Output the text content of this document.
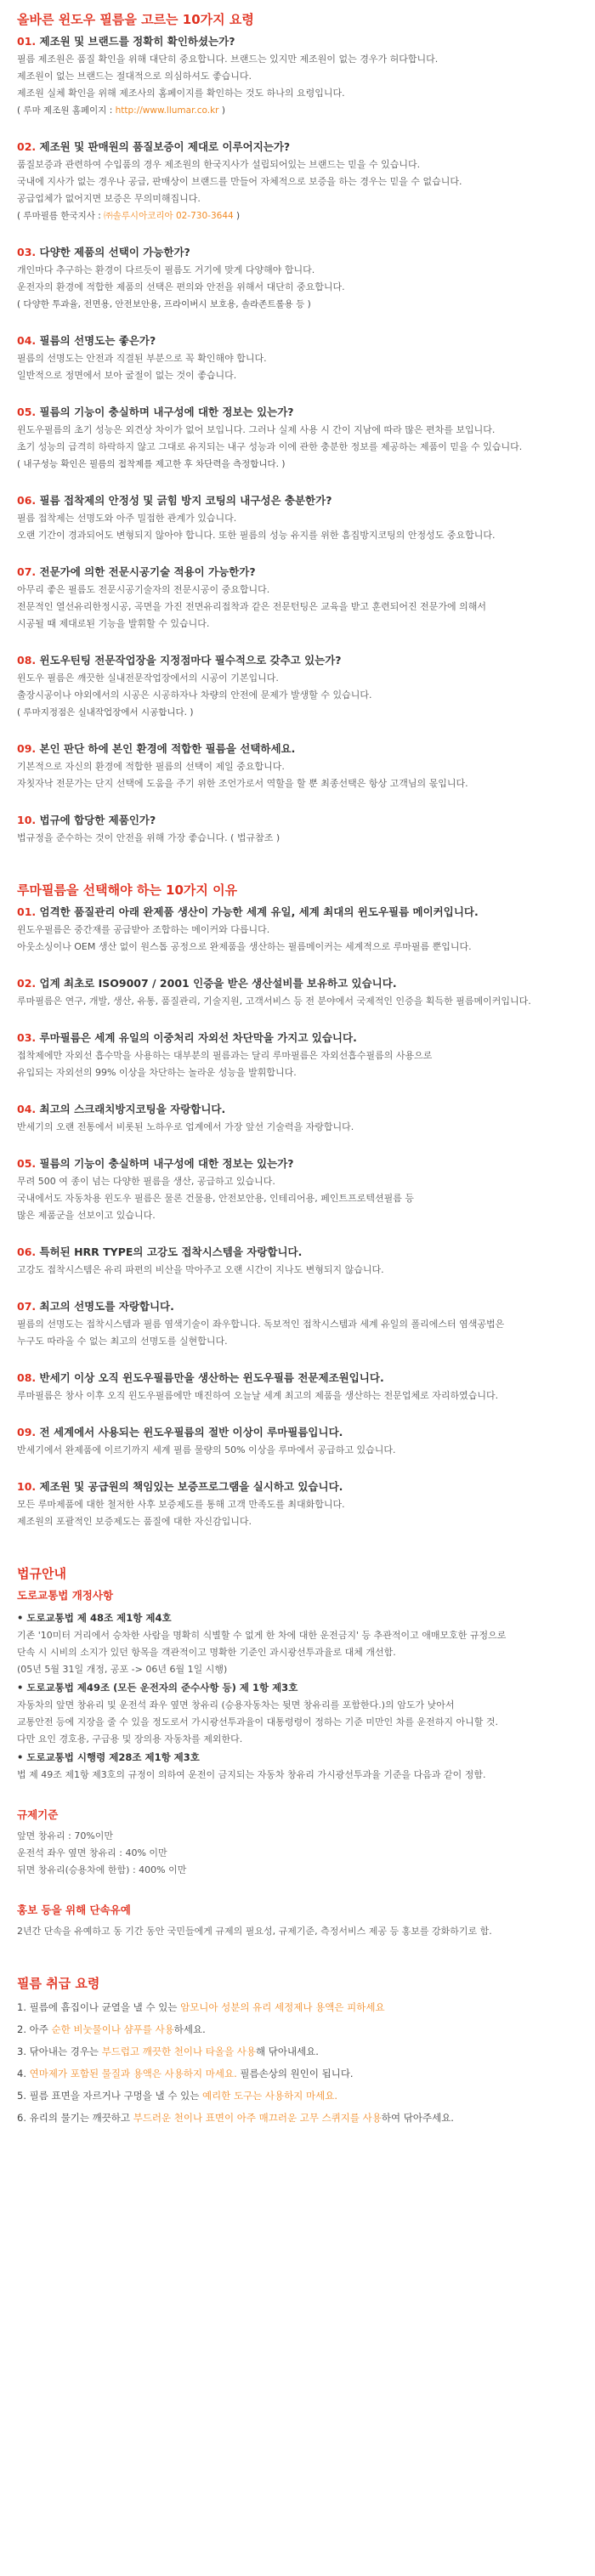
올바른 윈도우 필름을 고르는 10가지 요령
01. 제조원 및 브랜드를 정확히 확인하셨는가?
필름 제조원은 품질 확인을 위해 대단히 중요합니다. 브랜드는 있지만 제조원이 없는 경우가 허다합니다.
제조원이 없는 브랜드는 절대적으로 의심하셔도 좋습니다.
제조원 실체 확인을 위해 제조사의 홈페이지를 확인하는 것도 하나의 요령입니다.
( 루마 제조원 홈페이지 : http://www.llumar.co.kr )
02. 제조원 및 판매원의 품질보증이 제대로 이루어지는가?
품질보증과 관련하여 수입품의 경우 제조원의 한국지사가 설립되어있는 브랜드는 믿을 수 있습니다.
국내에 지사가 없는 경우나 공급, 판매상이 브랜드를 만들어 자체적으로 보증을 하는 경우는 믿을 수 없습니다.
공급업체가 없어지면 보증은 무의미해집니다.
( 루마필름 한국지사 : ㈜솔루시아코리아 02-730-3644 )
03. 다양한 제품의 선택이 가능한가?
개인마다 추구하는 환경이 다르듯이 필름도 거기에 맞게 다양해야 합니다.
운전자의 환경에 적합한 제품의 선택은 편의와 안전을 위해서 대단히 중요합니다.
( 다양한 투과율, 전면용, 안전보안용, 프라이버시 보호용, 솔라존트롤용 등 )
04. 필름의 선명도는 좋은가?
필름의 선명도는 안전과 직결된 부분으로 꼭 확인해야 합니다.
일반적으로 정면에서 보아 굴절이 없는 것이 좋습니다.
05. 필름의 기능이 충실하며 내구성에 대한 정보는 있는가?
윈도우필름의 초기 성능은 외견상 차이가 없어 보입니다. 그러나 실제 사용 시 간이 지남에 따라 많은 편차를 보입니다.
초기 성능의 급격히 하락하지 않고 그대로 유지되는 내구 성능과 이에 관한 충분한 정보를 제공하는 제품이 믿을 수 있습니다.
( 내구성능 확인은 필름의 접착제를 제고한 후 차단력을 측정합니다. )
06. 필름 접착제의 안정성 및 긁힘 방지 코팅의 내구성은 충분한가?
필름 접착제는 선명도와 아주 밀접한 관계가 있습니다.
오랜 기간이 경과되어도 변형되지 않아야 합니다. 또한 필름의 성능 유지를 위한 흠집방지코팅의 안정성도 중요합니다.
07. 전문가에 의한 전문시공기술 적용이 가능한가?
아무리 좋은 필름도 전문시공기술자의 전문시공이 중요합니다.
전문적인 열선유리한정시공, 곡면을 가진 전면유리접착과 같은 전문턴팅은 교육을 받고 훈련되어진 전문가에 의해서
시공될 때 제대로된 기능을 발휘할 수 있습니다.
08. 윈도우틴팅 전문작업장을 지정점마다 필수적으로 갖추고 있는가?
윈도우 필름은 깨끗한 실내전문작업장에서의 시공이 기본입니다.
출장시공이나 야외에서의 시공은 시공하자나 차량의 안전에 문제가 발생할 수 있습니다.
( 루마지정점은 실내작업장에서 시공합니다. )
09. 본인 판단 하에 본인 환경에 적합한 필름을 선택하세요.
기본적으로 자신의 환경에 적합한 필름의 선택이 제일 중요합니다.
자칫자낙 전문가는 단지 선택에 도움을 주기 위한 조언가로서 역할을 할 뿐 최종선택은 항상 고객님의 몫입니다.
10. 법규에 합당한 제품인가?
법규정을 준수하는 것이 안전을 위해 가장 좋습니다. ( 법규참조 )
루마필름을 선택해야 하는 10가지 이유
01. 엄격한 품질관리 아래 완제품 생산이 가능한 세계 유일, 세계 최대의 윈도우필름 메이커입니다.
윈도우필름은 중간재를 공급받아 조합하는 메이커와 다릅니다.
아웃소싱이나 OEM 생산 없이 원스톱 공정으로 완제품을 생산하는 필름메이커는 세계적으로 루마필름 뿐입니다.
02. 업계 최초로 ISO9007 / 2001 인증을 받은 생산설비를 보유하고 있습니다.
루마필름은 연구, 개발, 생산, 유통, 품질관리, 기술지원, 고객서비스 등 전 분야에서 국제적인 인증을 획득한 필름메이커입니다.
03. 루마필름은 세계 유일의 이중처리 자외선 차단막을 가지고 있습니다.
접착제에만 자외선 흡수막을 사용하는 대부분의 필름과는 달리 루마필름은 자외선흡수필름의 사용으로
유입되는 자외선의 99% 이상을 차단하는 놀라운 성능을 발휘합니다.
04. 최고의 스크래치방지코팅을 자랑합니다.
반세기의 오랜 전통에서 비롯된 노하우로 업계에서 가장 앞선 기술력을 자랑합니다.
05. 필름의 기능이 충실하며 내구성에 대한 정보는 있는가?
무려 500 여 종이 넘는 다양한 필름을 생산, 공급하고 있습니다.
국내에서도 자동차용 윈도우 필름은 물론 건물용, 안전보안용, 인테리어용, 페인트프로텍션필름 등
많은 제품군을 선보이고 있습니다.
06. 특허된 HRR TYPE의 고강도 접착시스템을 자랑합니다.
고강도 접착시스템은 유리 파편의 비산을 막아주고 오랜 시간이 지나도 변형되지 않습니다.
07. 최고의 선명도를 자랑합니다.
필름의 선명도는 접착시스템과 필름 염색기술이 좌우합니다. 독보적인 접착시스템과 세계 유일의 폴리에스터 염색공법은
누구도 따라올 수 없는 최고의 선명도를 실현합니다.
08. 반세기 이상 오직 윈도우필름만을 생산하는 윈도우필름 전문제조원입니다.
루마필름은 창사 이후 오직 윈도우필름에만 매진하여 오늘날 세계 최고의 제품을 생산하는 전문업체로 자리하였습니다.
09. 전 세계에서 사용되는 윈도우필름의 절반 이상이 루마필름입니다.
반세기에서 완제품에 이르기까지 세계 필름 물량의 50% 이상을 루마에서 공급하고 있습니다.
10. 제조원 및 공급원의 책임있는 보증프로그램을 실시하고 있습니다.
모든 루마제품에 대한 철저한 사후 보증제도를 통해 고객 만족도를 최대화합니다.
제조원의 포괄적인 보증제도는 품질에 대한 자신감입니다.
법규안내
도로교통법 개정사항
• 도로교통법 제 48조 제1항 제4호
기존 '10미터 거리에서 승차한 사람을 명확히 식별할 수 없게 한 차에 대한 운전금지' 등 추관적이고 애매모호한 규정으로
단속 시 시비의 소지가 있던 항목을 객관적이고 명확한 기준인 과시광선투과율로 대체 개선함.
(05년 5월 31일 개정, 공포 -> 06년 6월 1일 시행)
• 도로교통법 제49조 (모든 운전자의 준수사항 등) 제 1항 제3호
자동차의 앞면 창유리 및 운전석 좌우 옆면 창유리 (승용자동차는 뒷면 창유리를 포함한다.)의 암도가 낮아서
교통안전 등에 지장을 줄 수 있을 정도로서 가시광선투과율이 대통령령이 정하는 기준 미만인 차를 운전하지 아니할 것.
다만 요인 경호용, 구급용 및 장의용 자동차를 제외한다.
• 도로교통법 시행령 제28조 제1항 제3호
법 제 49조 제1항 제3호의 규정이 의하여 운전이 금지되는 자동차 창유리 가시광선투과율 기준을 다음과 같이 정함.
규제기준
앞면 창유리 : 70%이만
운전석 좌우 옆면 창유리 : 40% 이만
뒤면 창유리(승용차에 한함) : 400% 이만
홍보 등을 위해 단속유예
2년간 단속을 유예하고 동 기간 동안 국민들에게 규제의 필요성, 규제기준, 측정서비스 제공 등 홍보를 강화하기로 함.
필름 취급 요령
1. 필름에 흠집이나 균열을 낼 수 있는 암모니아 성분의 유리 세정제나 용액은 피하세요
2. 아주 순한 비눗물이나 샴푸를 사용하세요.
3. 닦아내는 경우는 부드럽고 깨끗한 천이나 타올을 사용해 닦아내세요.
4. 연마제가 포함된 물질과 용액은 사용하지 마세요. 필름손상의 원인이 됩니다.
5. 필름 표면을 자르거나 구멍을 낼 수 있는 예리한 도구는 사용하지 마세요.
6. 유리의 물기는 깨끗하고 부드러운 천이나 표면이 아주 매끄러운 고무 스퀴지를 사용하여 닦아주세요.
